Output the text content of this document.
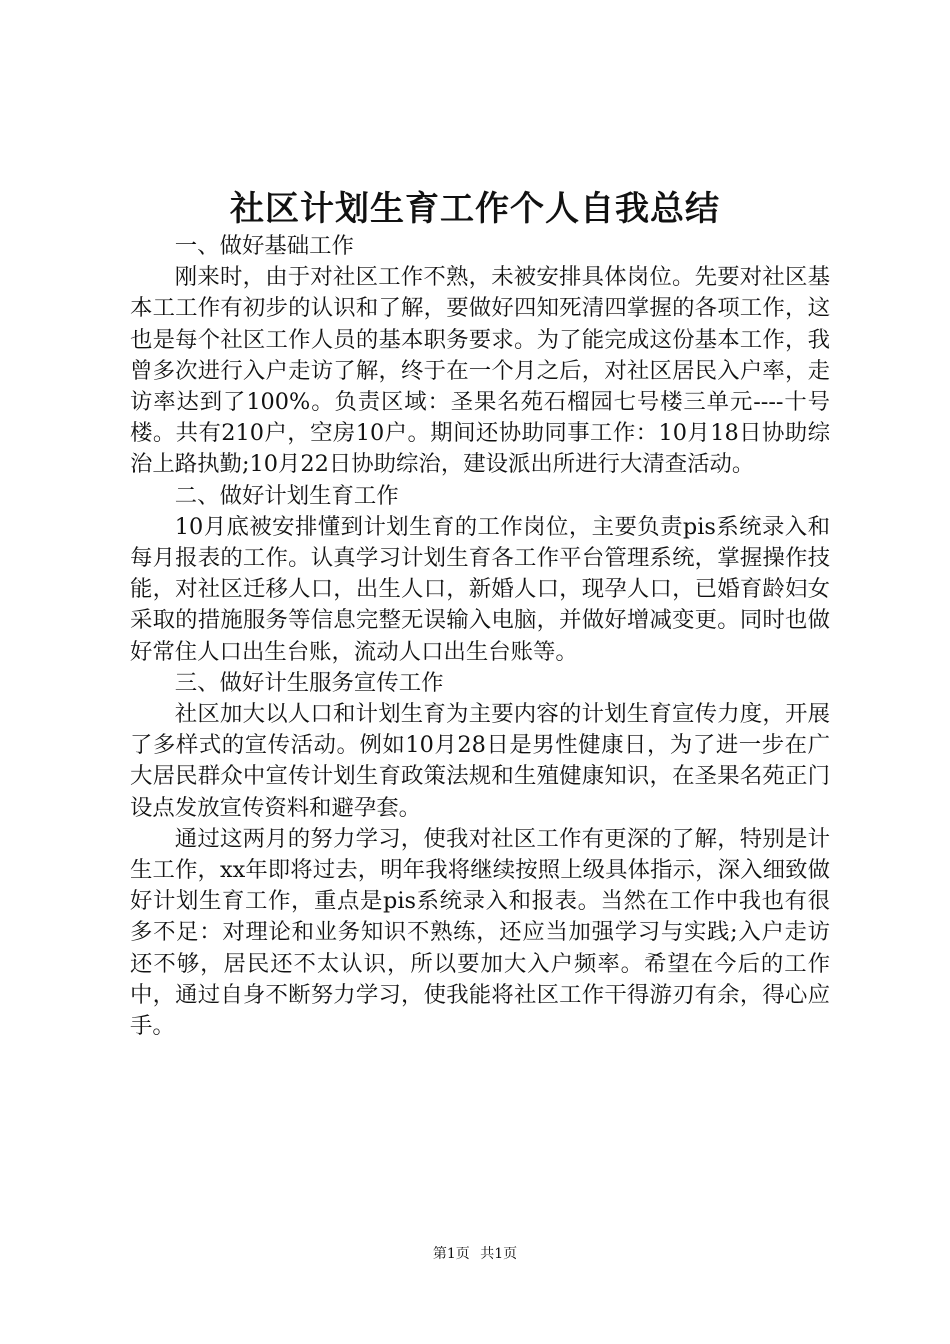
社区计划生育工作个人自我总结

一、做好基础工作

刚来时，由于对社区工作不熟，未被安排具体岗位。先要对社区基本工工作有初步的认识和了解，要做好四知死清四掌握的各项工作，这也是每个社区工作人员的基本职务要求。为了能完成这份基本工作，我曾多次进行入户走访了解，终于在一个月之后，对社区居民入户率，走访率达到了100%。负责区域：圣果名苑石榴园七号楼三单元----十号楼。共有210户，空房10户。期间还协助同事工作：10月18日协助综治上路执勤;10月22日协助综治，建设派出所进行大清查活动。

二、做好计划生育工作

10月底被安排懂到计划生育的工作岗位，主要负责pis系统录入和每月报表的工作。认真学习计划生育各工作平台管理系统，掌握操作技能，对社区迁移人口，出生人口，新婚人口，现孕人口，已婚育龄妇女采取的措施服务等信息完整无误输入电脑，并做好增减变更。同时也做好常住人口出生台账，流动人口出生台账等。

三、做好计生服务宣传工作

社区加大以人口和计划生育为主要内容的计划生育宣传力度，开展了多样式的宣传活动。例如10月28日是男性健康日，为了进一步在广大居民群众中宣传计划生育政策法规和生殖健康知识，在圣果名苑正门设点发放宣传资料和避孕套。

通过这两月的努力学习，使我对社区工作有更深的了解，特别是计生工作，xx年即将过去，明年我将继续按照上级具体指示，深入细致做好计划生育工作，重点是pis系统录入和报表。当然在工作中我也有很多不足：对理论和业务知识不熟练，还应当加强学习与实践;入户走访还不够，居民还不太认识，所以要加大入户频率。希望在今后的工作中，通过自身不断努力学习，使我能将社区工作干得游刃有余，得心应手。

第1页 共1页
